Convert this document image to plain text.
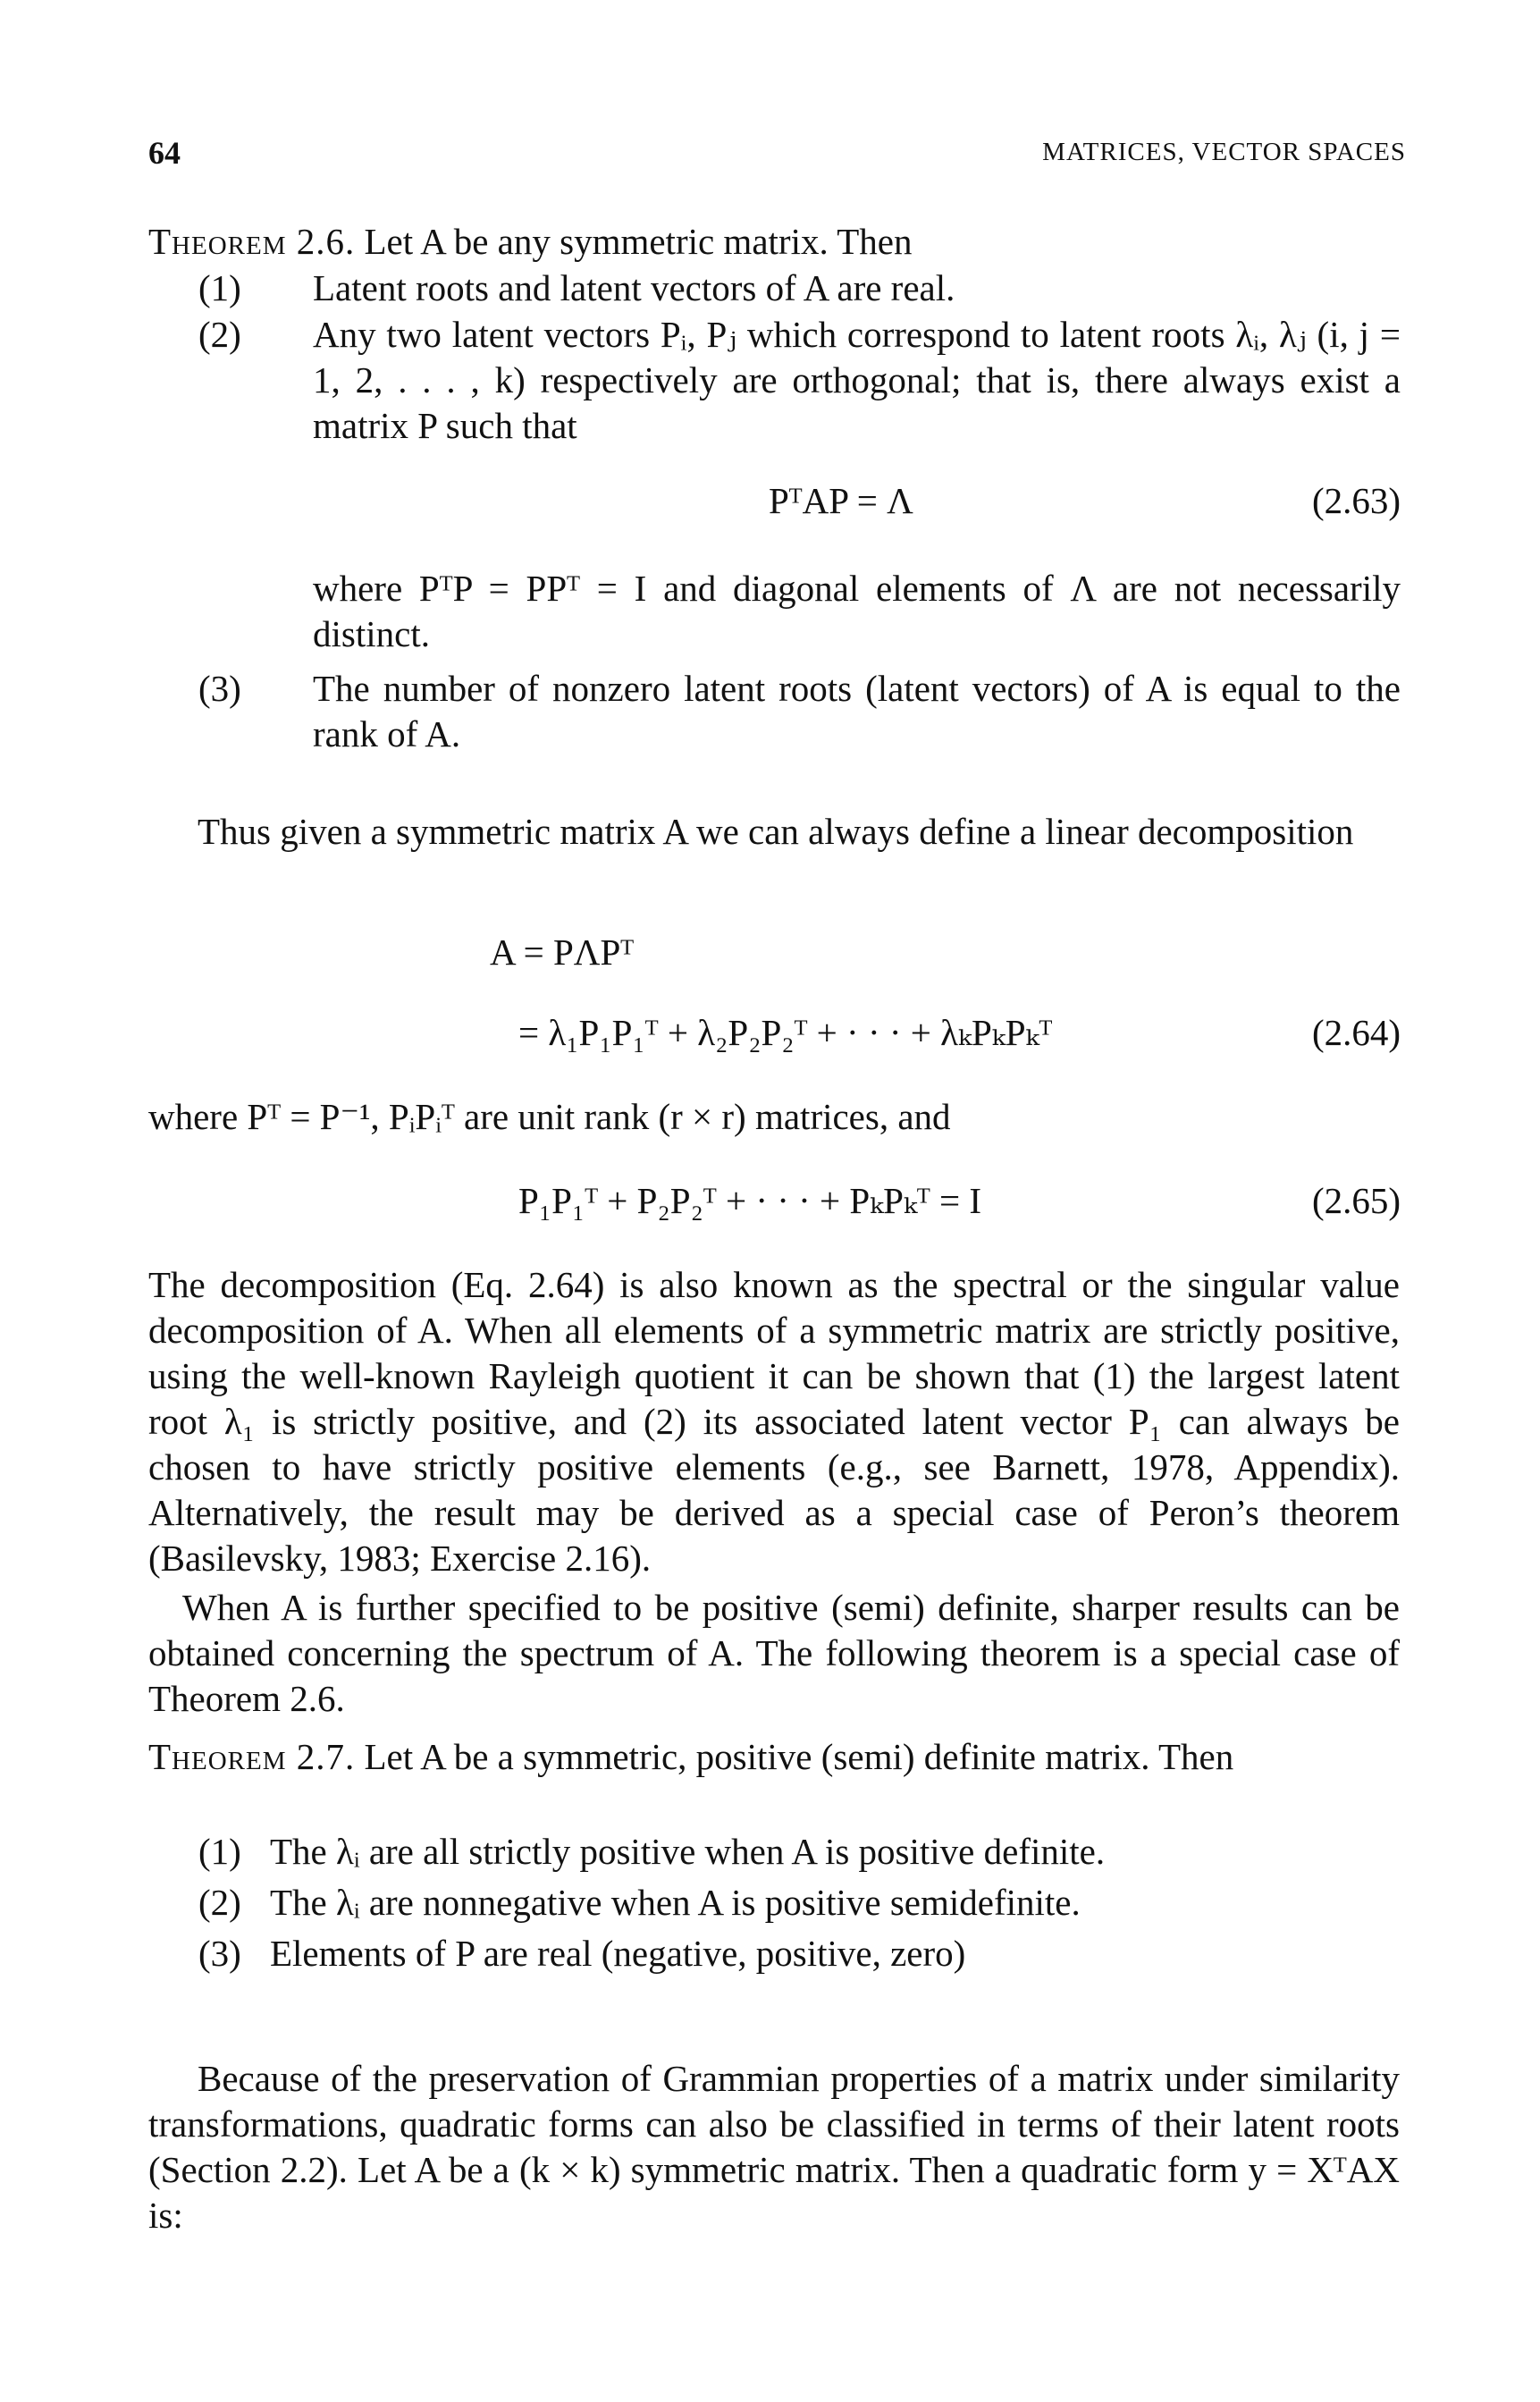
64	MATRICES, VECTOR SPACES
Theorem 2.6. Let A be any symmetric matrix. Then
(1) Latent roots and latent vectors of A are real.
(2) Any two latent vectors Pᵢ, Pⱼ which correspond to latent roots λᵢ, λⱼ (i, j = 1, 2, . . . , k) respectively are orthogonal; that is, there always exist a matrix P such that
PᵀAP = Λ	(2.63)
where PᵀP = PPᵀ = I and diagonal elements of Λ are not necessarily distinct.
(3) The number of nonzero latent roots (latent vectors) of A is equal to the rank of A.
Thus given a symmetric matrix A we can always define a linear decomposition
A = PΛPᵀ
= λ₁P₁P₁ᵀ + λ₂P₂P₂ᵀ + · · · + λₖPₖPₖᵀ	(2.64)
where Pᵀ = P⁻¹, PᵢPᵢᵀ are unit rank (r × r) matrices, and
P₁P₁ᵀ + P₂P₂ᵀ + · · · + PₖPₖᵀ = I	(2.65)
The decomposition (Eq. 2.64) is also known as the spectral or the singular value decomposition of A. When all elements of a symmetric matrix are strictly positive, using the well-known Rayleigh quotient it can be shown that (1) the largest latent root λ₁ is strictly positive, and (2) its associated latent vector P₁ can always be chosen to have strictly positive elements (e.g., see Barnett, 1978, Appendix). Alternatively, the result may be derived as a special case of Peron’s theorem (Basilevsky, 1983; Exercise 2.16).
When A is further specified to be positive (semi) definite, sharper results can be obtained concerning the spectrum of A. The following theorem is a special case of Theorem 2.6.
Theorem 2.7. Let A be a symmetric, positive (semi) definite matrix. Then
(1) The λᵢ are all strictly positive when A is positive definite.
(2) The λᵢ are nonnegative when A is positive semidefinite.
(3) Elements of P are real (negative, positive, zero)
Because of the preservation of Grammian properties of a matrix under similarity transformations, quadratic forms can also be classified in terms of their latent roots (Section 2.2). Let A be a (k × k) symmetric matrix. Then a quadratic form y = XᵀAX is:
